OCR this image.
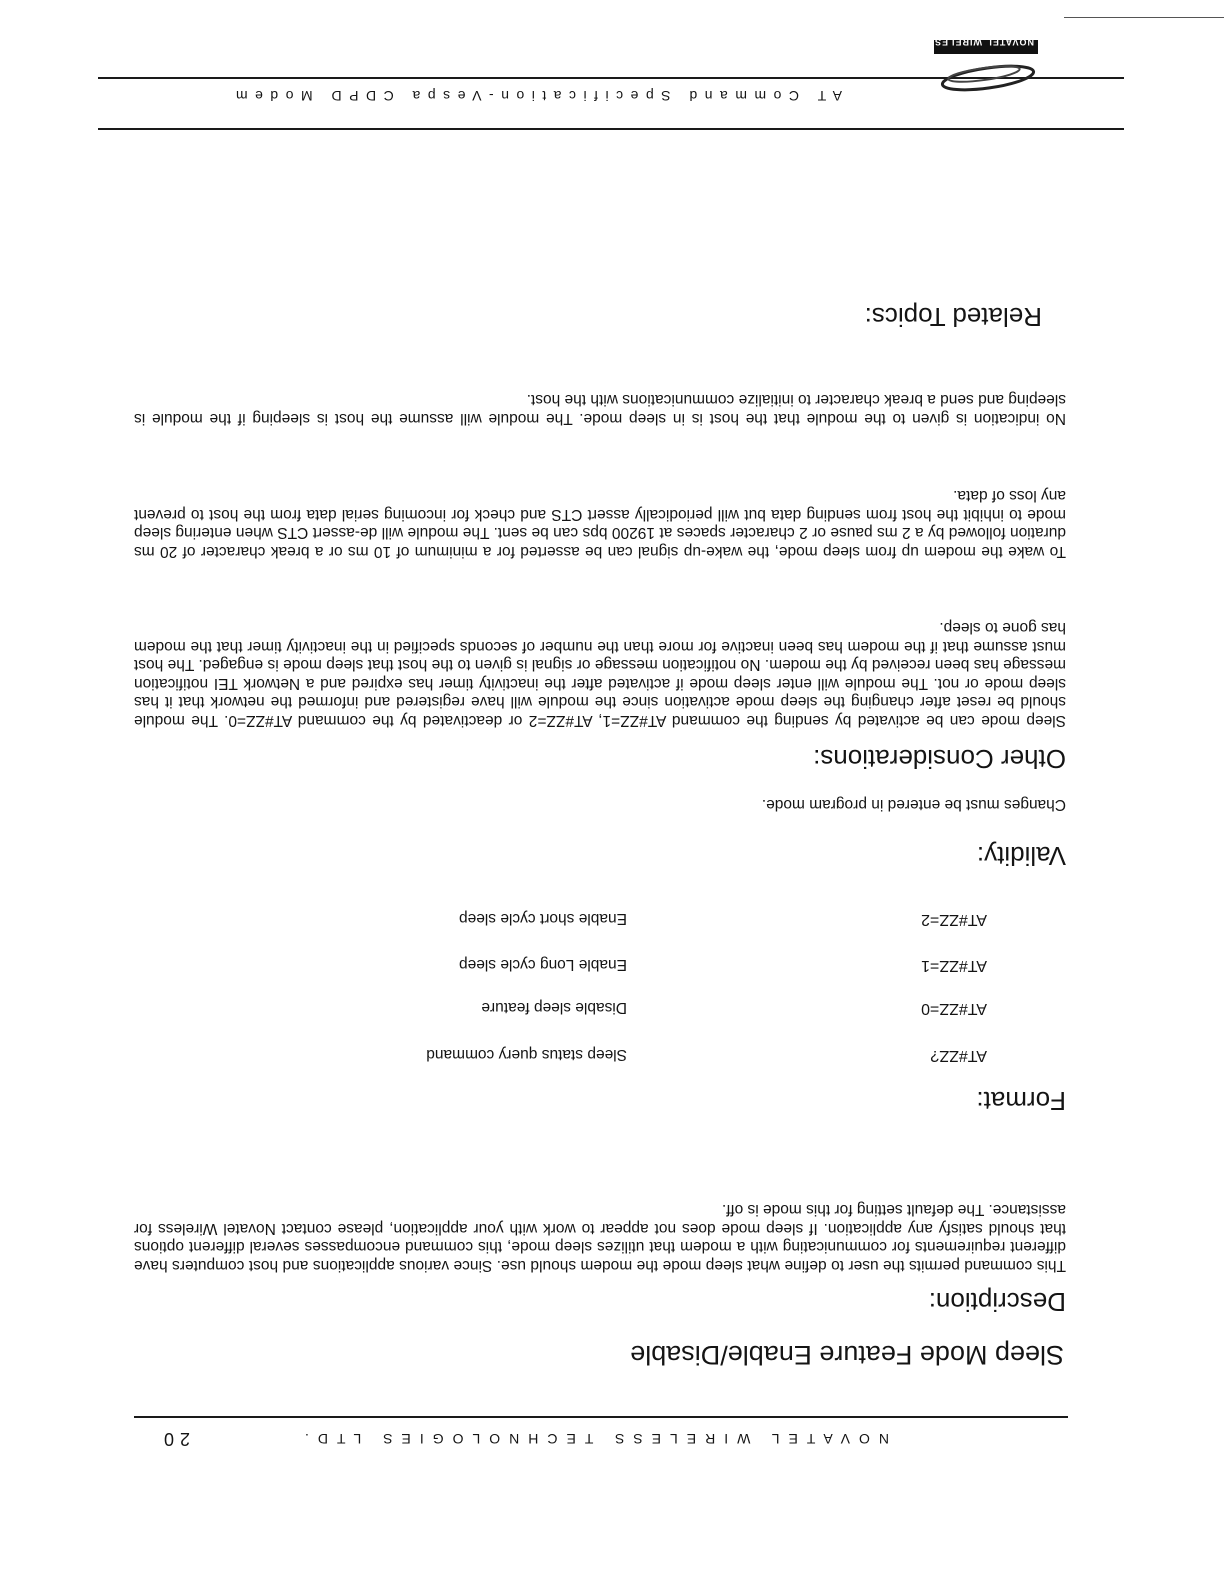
NOVATEL WIRELESS TECHNOLOGIES LTD.
20
Sleep Mode Feature Enable/Disable
Description:

This command permits the user to define what sleep mode the modem should use. Since various applications and host computers have different requirements for communicating with a modem that utilizes sleep mode, this command encompasses several different options that should satisfy any application. If sleep mode does not appear to work with your application, please contact Novatel Wireless for assistance. The default setting for this mode is off.

Format:
AT#ZZ?
Sleep status query command
AT#ZZ=0
Disable sleep feature
AT#ZZ=1
Enable Long cycle sleep
AT#ZZ=2
Enable short cycle sleep
Validity:

Changes must be entered in program mode.

Other Considerations:

Sleep mode can be activated by sending the command AT#ZZ=1, AT#ZZ=2 or deactivated by the command AT#ZZ=0. The module should be reset after changing the sleep mode activation since the module will have registered and informed the network that it has sleep mode or not. The module will enter sleep mode if activated after the inactivity timer has expired and a Network TEI notification message has been received by the modem. No notification message or signal is given to the host that sleep mode is engaged. The host must assume that if the modem has been inactive for more than the number of seconds specified in the inactivity timer that the modem has gone to sleep.

To wake the modem up from sleep mode, the wake-up signal can be asserted for a minimum of 10 ms or a break character of 20 ms duration followed by a 2 ms pause or 2 character spaces at 19200 bps can be sent. The module will de-assert CTS when entering sleep mode to inhibit the host from sending data but will periodically assert CTS and check for incoming serial data from the host to prevent any loss of data.

No indication is given to the module that the host is in sleep mode. The module will assume the host is sleeping if the module is sleeping and send a break character to initialize communications with the host.

Related Topics:
AT Command Specification-Vespa CDPD Modem
NOVATEL WIRELESS
